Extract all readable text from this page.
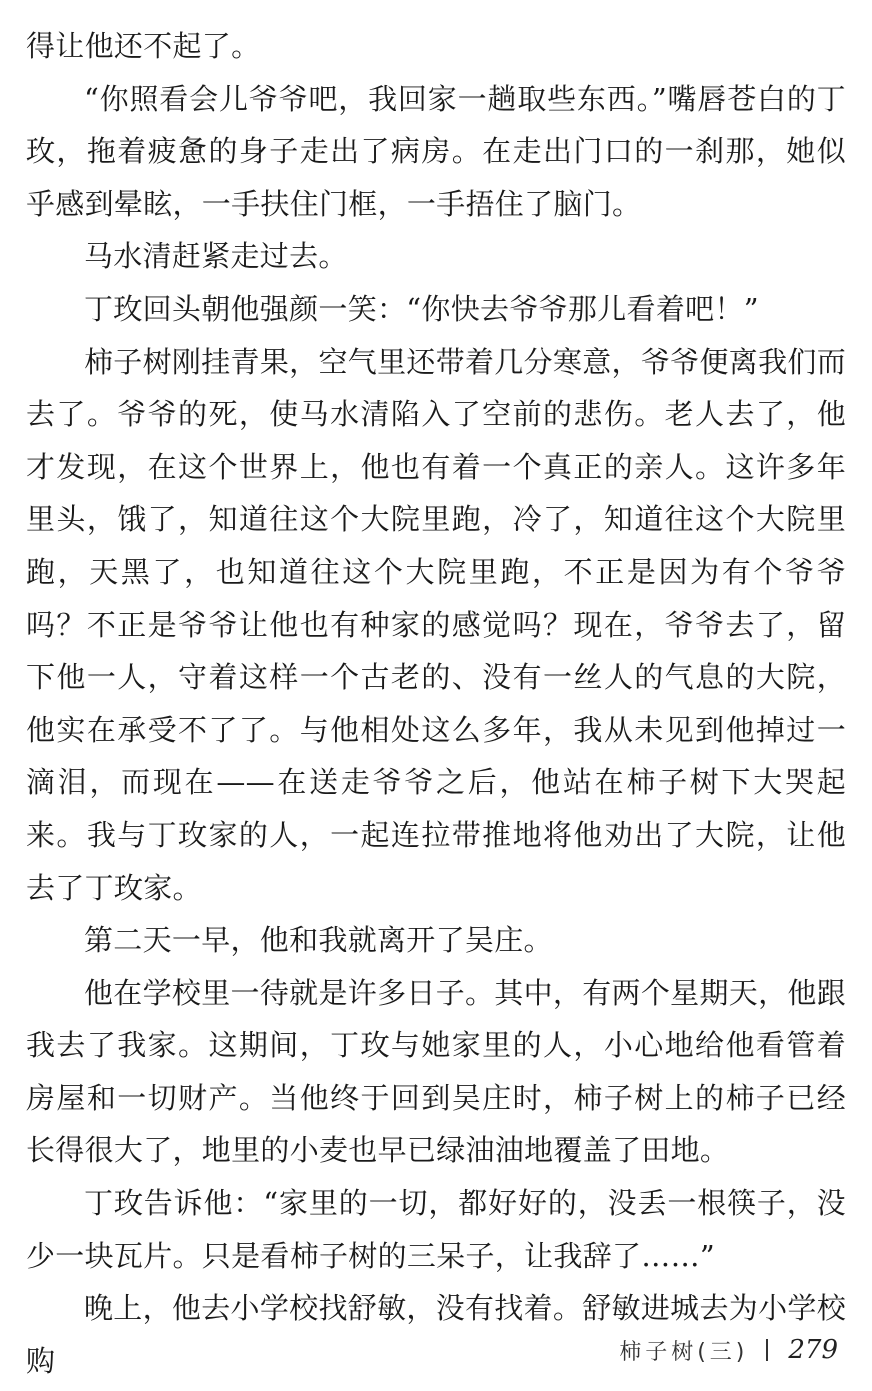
得让他还不起了。

“你照看会儿爷爷吧，我回家一趟取些东西。”嘴唇苍白的丁玫，拖着疲惫的身子走出了病房。在走出门口的一刹那，她似乎感到晕眩，一手扶住门框，一手捂住了脑门。

马水清赶紧走过去。

丁玫回头朝他强颜一笑：“你快去爷爷那儿看着吧！”

柿子树刚挂青果，空气里还带着几分寒意，爷爷便离我们而去了。爷爷的死，使马水清陷入了空前的悲伤。老人去了，他才发现，在这个世界上，他也有着一个真正的亲人。这许多年里头，饿了，知道往这个大院里跑，冷了，知道往这个大院里跑，天黑了，也知道往这个大院里跑，不正是因为有个爷爷吗？不正是爷爷让他也有种家的感觉吗？现在，爷爷去了，留下他一人，守着这样一个古老的、没有一丝人的气息的大院，他实在承受不了了。与他相处这么多年，我从未见到他掉过一滴泪，而现在——在送走爷爷之后，他站在柿子树下大哭起来。我与丁玫家的人，一起连拉带推地将他劝出了大院，让他去了丁玫家。

第二天一早，他和我就离开了吴庄。

他在学校里一待就是许多日子。其中，有两个星期天，他跟我去了我家。这期间，丁玫与她家里的人，小心地给他看管着房屋和一切财产。当他终于回到吴庄时，柿子树上的柿子已经长得很大了，地里的小麦也早已绿油油地覆盖了田地。

丁玫告诉他：“家里的一切，都好好的，没丢一根筷子，没少一块瓦片。只是看柿子树的三呆子，让我辞了……”

晚上，他去小学校找舒敏，没有找着。舒敏进城去为小学校购	柿子树(三) 279
